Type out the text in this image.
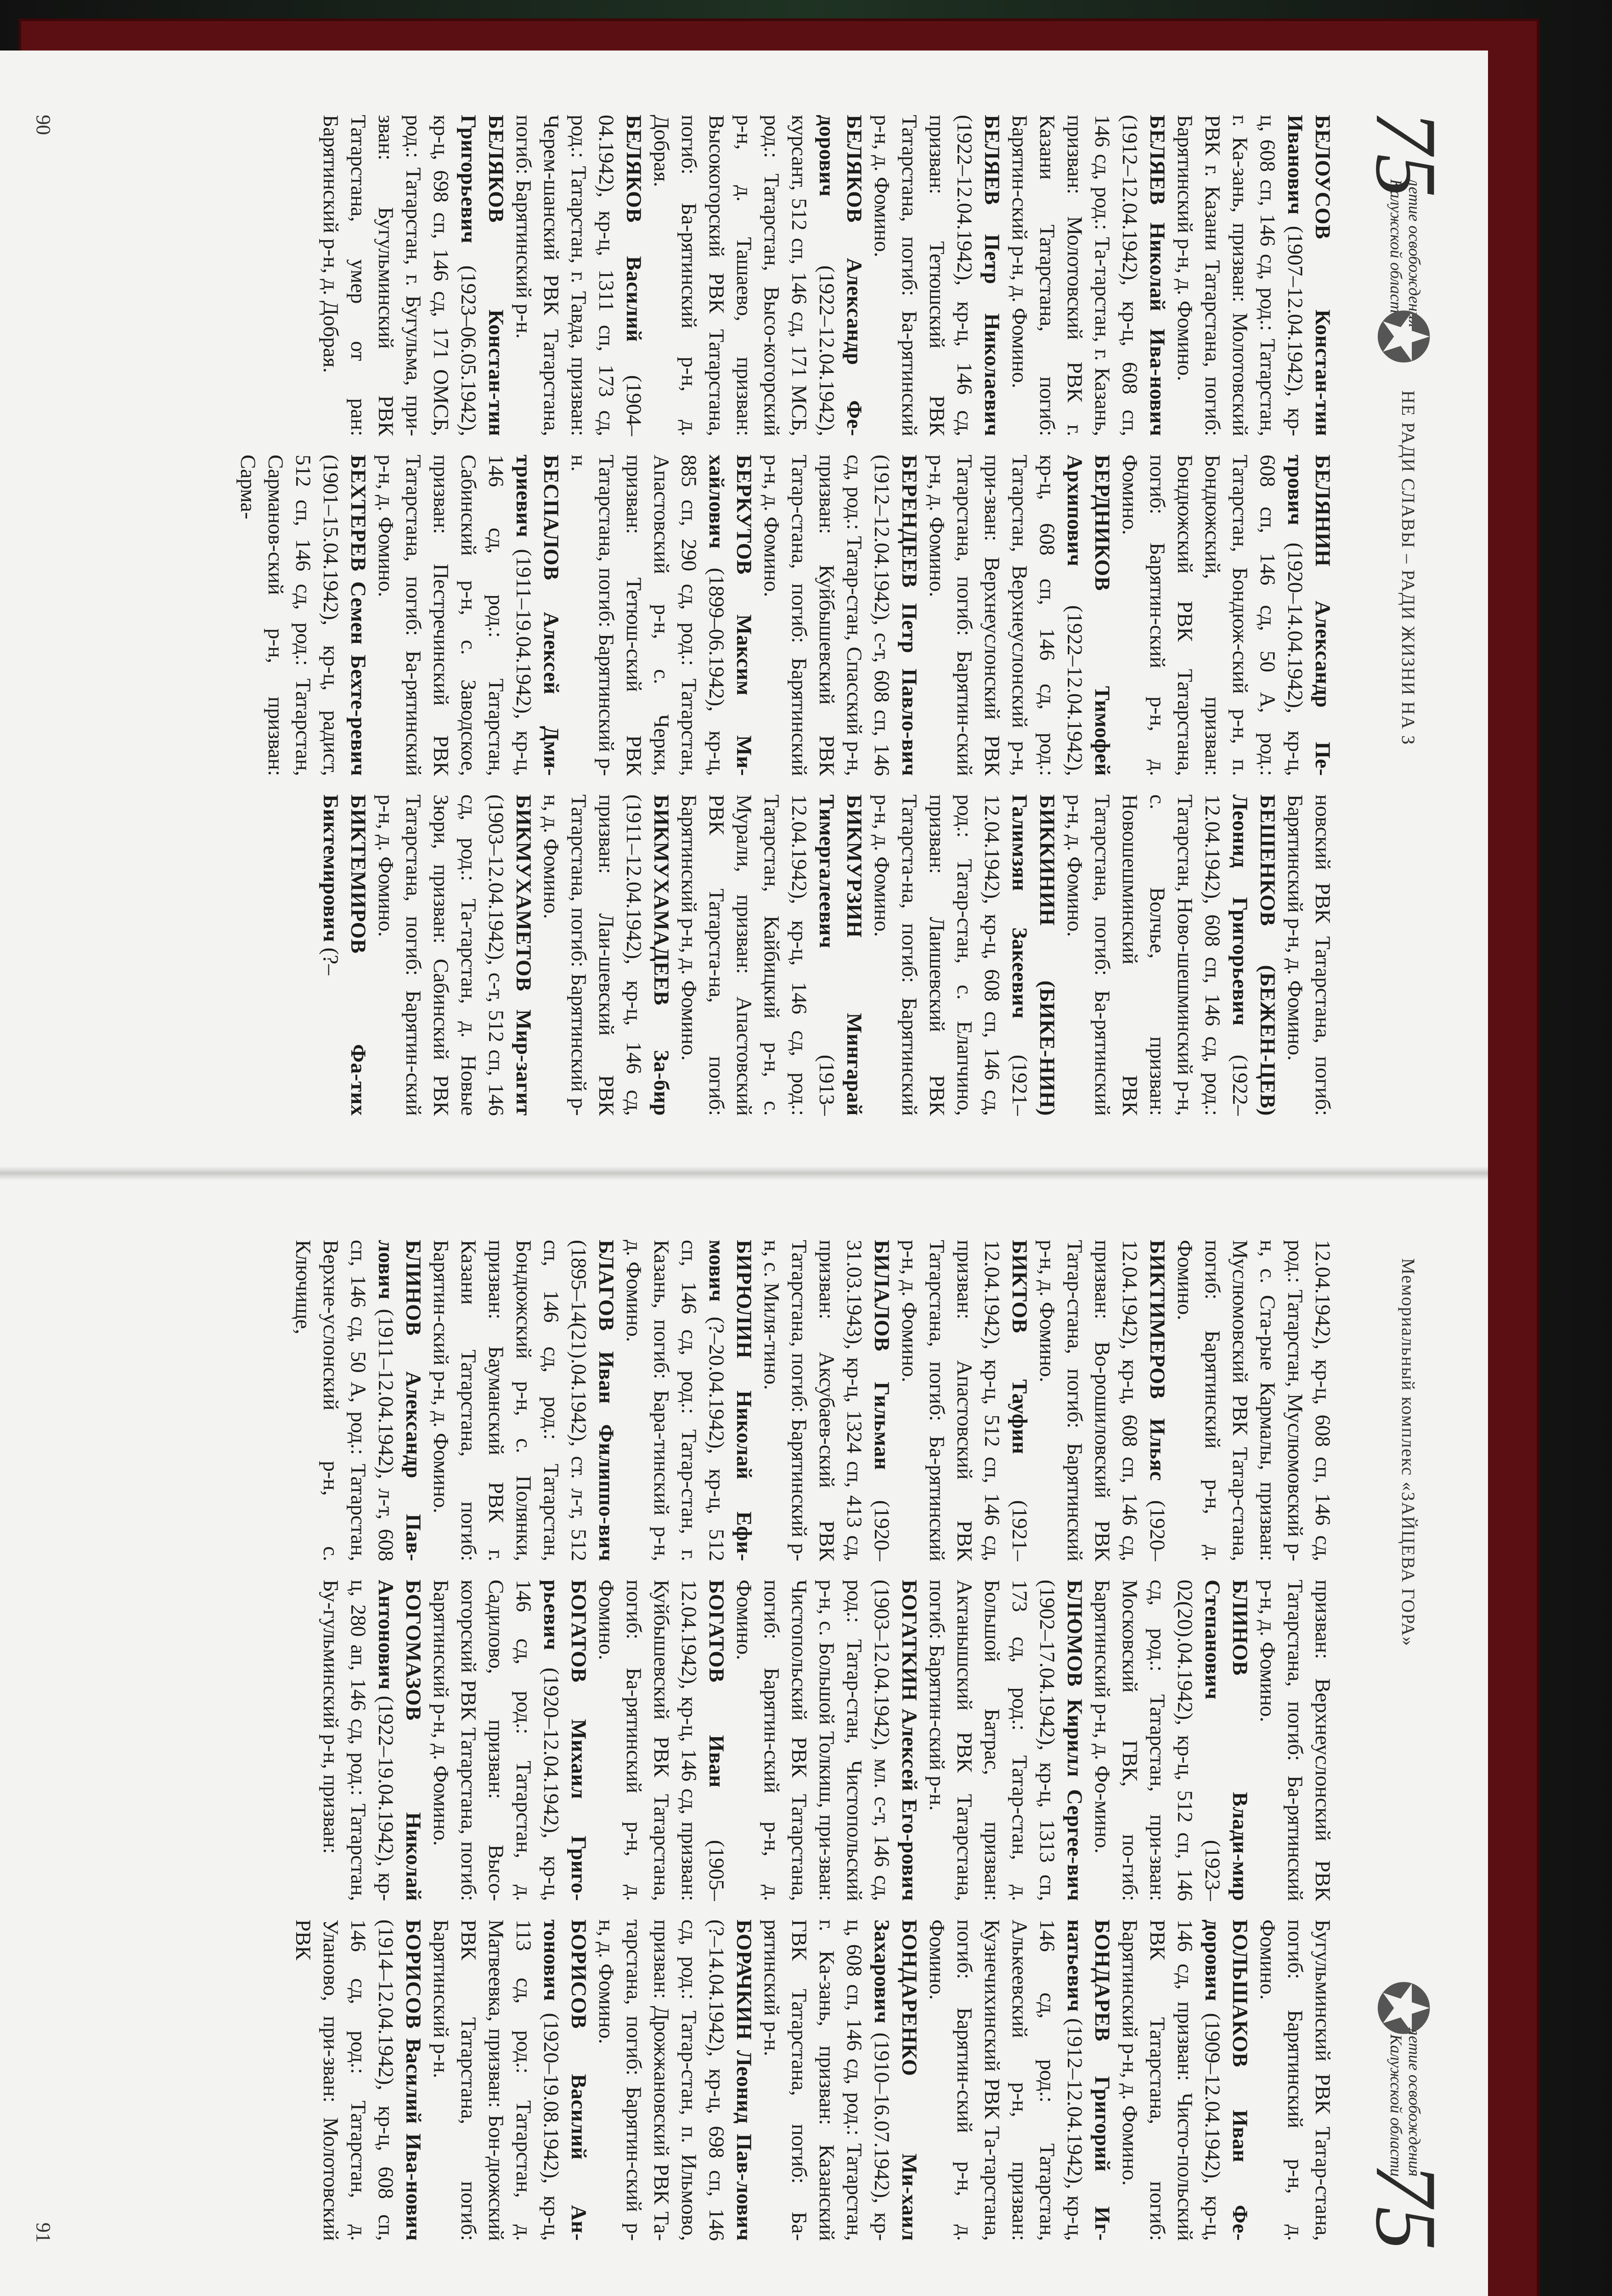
75
летие освобождения Калужской области
✪
НЕ РАДИ СЛАВЫ – РАДИ ЖИЗНИ НА З

БЕЛОУСОВ Констан-тин Иванович (1907–12.04.1942), кр-ц, 608 сп, 146 сд, род.: Татарстан, г. Ка-зань, призван: Молотовский РВК г. Казани Татарстана, погиб: Барятинский р-н, д. Фомино.

БЕЛЯЕВ Николай Ива-нович (1912–12.04.1942), кр-ц, 608 сп, 146 сд, род.: Та-тарстан, г. Казань, призван: Молотовский РВК г. Казани Татарстана, погиб: Барятин-ский р-н, д. Фомино.

БЕЛЯЕВ Петр Николаевич (1922–12.04.1942), кр-ц, 146 сд, призван: Тетюшский РВК Татарстана, погиб: Ба-рятинский р-н, д. Фомино.

БЕЛЯКОВ Александр Фе-дорович (1922–12.04.1942), курсант, 512 сп, 146 сд, 171 МСБ, род.: Татарстан, Высо-когорский р-н, д. Ташаево, призван: Высокогорский РВК Татарстана, погиб: Ба-рятинский р-н, д. Добрая.

БЕЛЯКОВ Василий (1904–04.1942), кр-ц, 1311 сп, 173 сд, род.: Татарстан, г. Тавда, призван: Черем-шанский РВК Татарстана, погиб: Барятинский р-н.

БЕЛЯКОВ Констан-тин Григорьевич (1923–06.05.1942), кр-ц, 698 сп, 146 сд, 171 ОМСБ, род.: Татарстан, г. Бугульма, при-зван: Бугульминский РВК Татарстана, умер от ран: Барятинский р-н, д. Добрая.

БЕЛЯНИН Александр Пе-трович (1920–14.04.1942), кр-ц, 608 сп, 146 сд, 50 А, род.: Татарстан, Бондюж-ский р-н, п. Бондюжский, призван: Бондюжский РВК Татарстана, погиб: Барятин-ский р-н, д. Фомино.

БЕРДНИКОВ Тимофей Архипович (1922–12.04.1942), кр-ц, 608 сп, 146 сд, род.: Татарстан, Верхнеуслонский р-н, при-зван: Верхнеуслонский РВК Татарстана, погиб: Барятин-ский р-н, д. Фомино.

БЕРЕНДЕЕВ Петр Павло-вич (1912–12.04.1942), с-т, 608 сп, 146 сд, род.: Татар-стан, Спасский р-н, призван: Куйбышевский РВК Татар-стана, погиб: Барятинский р-н, д. Фомино.

БЕРКУТОВ Максим Ми-хайлович (1899–06.1942), кр-ц, 885 сп, 290 сд, род.: Татарстан, Апастовский р-н, с. Черки, призван: Тетюш-ский РВК Татарстана, погиб: Барятинский р-н.

БЕСПАЛОВ Алексей Дми-триевич (1911–19.04.1942), кр-ц, 146 сд, род.: Татарстан, Сабинский р-н, с. Заводское, призван: Пестречинский РВК Татарстана, погиб: Ба-рятинский р-н, д. Фомино.

БЕХТЕРЕВ Семен Бехте-ревич (1901–15.04.1942), кр-ц, радист, 512 сп, 146 сд, род.: Татарстан, Сарманов-ский р-н, призван: Сарма-

новский РВК Татарстана, погиб: Барятинский р-н, д. Фомино.

БЕШЕНКОВ (БЕЖЕН-ЦЕВ) Леонид Григорьевич (1922–12.04.1942), 608 сп, 146 сд, род.: Татарстан, Ново-шешминский р-н, с. Волчье, призван: Новошешминский РВК Татарстана, погиб: Ба-рятинский р-н, д. Фомино.

БИККИНИН (БИКЕ-НИН) Галимзян Закеевич (1921–12.04.1942), кр-ц, 608 сп, 146 сд, род.: Татар-стан, с. Елапчино, призван: Лаишевский РВК Татарста-на, погиб: Барятинский р-н, д. Фомино.

БИКМУРЗИН Мингарай Тимергалеевич (1913–12.04.1942), кр-ц, 146 сд, род.: Татарстан, Кайбицкий р-н, с. Мурали, призван: Апастовский РВК Татарста-на, погиб: Барятинский р-н, д. Фомино.

БИКМУХАМАДЕЕВ За-бир (1911–12.04.1942), кр-ц, 146 сд, призван: Лаи-шевский РВК Татарстана, погиб: Барятинский р-н, д. Фомино.

БИКМУХАМЕТОВ Мир-загит (1903–12.04.1942), с-т, 512 сп, 146 сд, род.: Та-тарстан, д. Новые Зюри, призван: Сабинский РВК Татарстана, погиб: Барятин-ский р-н, д. Фомино.

БИКТЕМИРОВ Фа-тих Биктемирович (?–

90
Мемориальный комплекс «ЗАЙЦЕВА ГОРА»
✪
летие освобождения Калужской области
75

12.04.1942), кр-ц, 608 сп, 146 сд, род.: Татарстан, Муслюмовский р-н, с. Ста-рые Кармалы, призван: Муслюмовский РВК Татар-стана, погиб: Барятинский р-н, д. Фомино.

БИКТИМЕРОВ Ильяс (1920–12.04.1942), кр-ц, 608 сп, 146 сд, призван: Во-рошиловский РВК Татар-стана, погиб: Барятинский р-н, д. Фомино.

БИКТОВ Тауфин (1921–12.04.1942), кр-ц, 512 сп, 146 сд, призван: Апастовский РВК Татарстана, погиб: Ба-рятинский р-н, д. Фомино.

БИЛАЛОВ Гильман (1920–31.03.1943), кр-ц, 1324 сп, 413 сд, призван: Аксубаев-ский РВК Татарстана, погиб: Барятинский р-н, с. Миля-тино.

БИРЮЛИН Николай Ефи-мович (?–20.04.1942), кр-ц, 512 сп, 146 сд, род.: Татар-стан, г. Казань, погиб: Бара-тинский р-н, д. Фомино.

БЛАГОВ Иван Филиппо-вич (1895–14(21).04.1942), ст. л-т, 512 сп, 146 сд, род.: Татарстан, Бондюжский р-н, с. Полянки, призван: Бауманский РВК г. Казани Татарстана, погиб: Барятин-ский р-н, д. Фомино.

БЛИНОВ Александр Пав-лович (1911–12.04.1942), л-т, 608 сп, 146 сд, 50 А, род.: Татарстан, Верхне-услонский р-н, с. Ключище,

призван: Верхнеуслонский РВК Татарстана, погиб: Ба-рятинский р-н, д. Фомино.

БЛИНОВ Влади-мир Степанович (1923–02(20).04.1942), кр-ц, 512 сп, 146 сд, род.: Татарстан, при-зван: Московский ГВК, по-гиб: Барятинский р-н, д. Фо-мино.

БЛЮМОВ Кирилл Сергее-вич (1902–17.04.1942), кр-ц, 1313 сп, 173 сд, род.: Татар-стан, д. Большой Батрас, призван: Актанышский РВК Татарстана, погиб: Барятин-ский р-н.

БОГАТКИН Алексей Его-рович (1903–12.04.1942), мл. с-т, 146 сд, род.: Татар-стан, Чистопольский р-н, с. Большой Толкиш, при-зван: Чистопольский РВК Татарстана, погиб: Барятин-ский р-н, д. Фомино.

БОГАТОВ Иван (1905–12.04.1942), кр-ц, 146 сд, призван: Куйбышевский РВК Татарстана, погиб: Ба-рятинский р-н, д. Фомино.

БОГАТОВ Михаил Григо-рьевич (1920–12.04.1942), кр-ц, 146 сд, род.: Татарстан, д. Садилово, призван: Высо-когорский РВК Татарстана, погиб: Барятинский р-н, д. Фомино.

БОГОМАЗОВ Николай Антонович (1922–19.04.1942), кр-ц, 280 ап, 146 сд, род.: Татарстан, Бу-гульминский р-н, призван:

Бугульминский РВК Татар-стана, погиб: Барятинский р-н, д. Фомино.

БОЛЬШАКОВ Иван Фе-дорович (1909–12.04.1942), кр-ц, 146 сд, призван: Чисто-польский РВК Татарстана, погиб: Барятинский р-н, д. Фомино.

БОНДАРЕВ Григорий Иг-натьевич (1912–12.04.1942), кр-ц, 146 сд, род.: Татарстан, Алькеевский р-н, призван: Кузнечихинский РВК Та-тарстана, погиб: Барятин-ский р-н, д. Фомино.

БОНДАРЕНКО Ми-хаил Захарович (1910–16.07.1942), кр-ц, 608 сп, 146 сд, род.: Татарстан, г. Ка-зань, призван: Казанский ГВК Татарстана, погиб: Ба-рятинский р-н.

БОРАЧКИН Леонид Пав-лович (?–14.04.1942), кр-ц, 698 сп, 146 сд, род.: Татар-стан, п. Ильмово, призван: Дрожжановский РВК Та-тарстана, погиб: Барятин-ский р-н, д. Фомино.

БОРИСОВ Василий Ан-тонович (1920–19.08.1942), кр-ц, 113 сд, род.: Татарстан, д. Матвеевка, призван: Бон-дюжский РВК Татарстана, погиб: Барятинский р-н.

БОРИСОВ Василий Ива-нович (1914–12.04.1942), кр-ц, 608 сп, 146 сд, род.: Татарстан, д. Уланово, при-зван: Молотовский РВК

91
